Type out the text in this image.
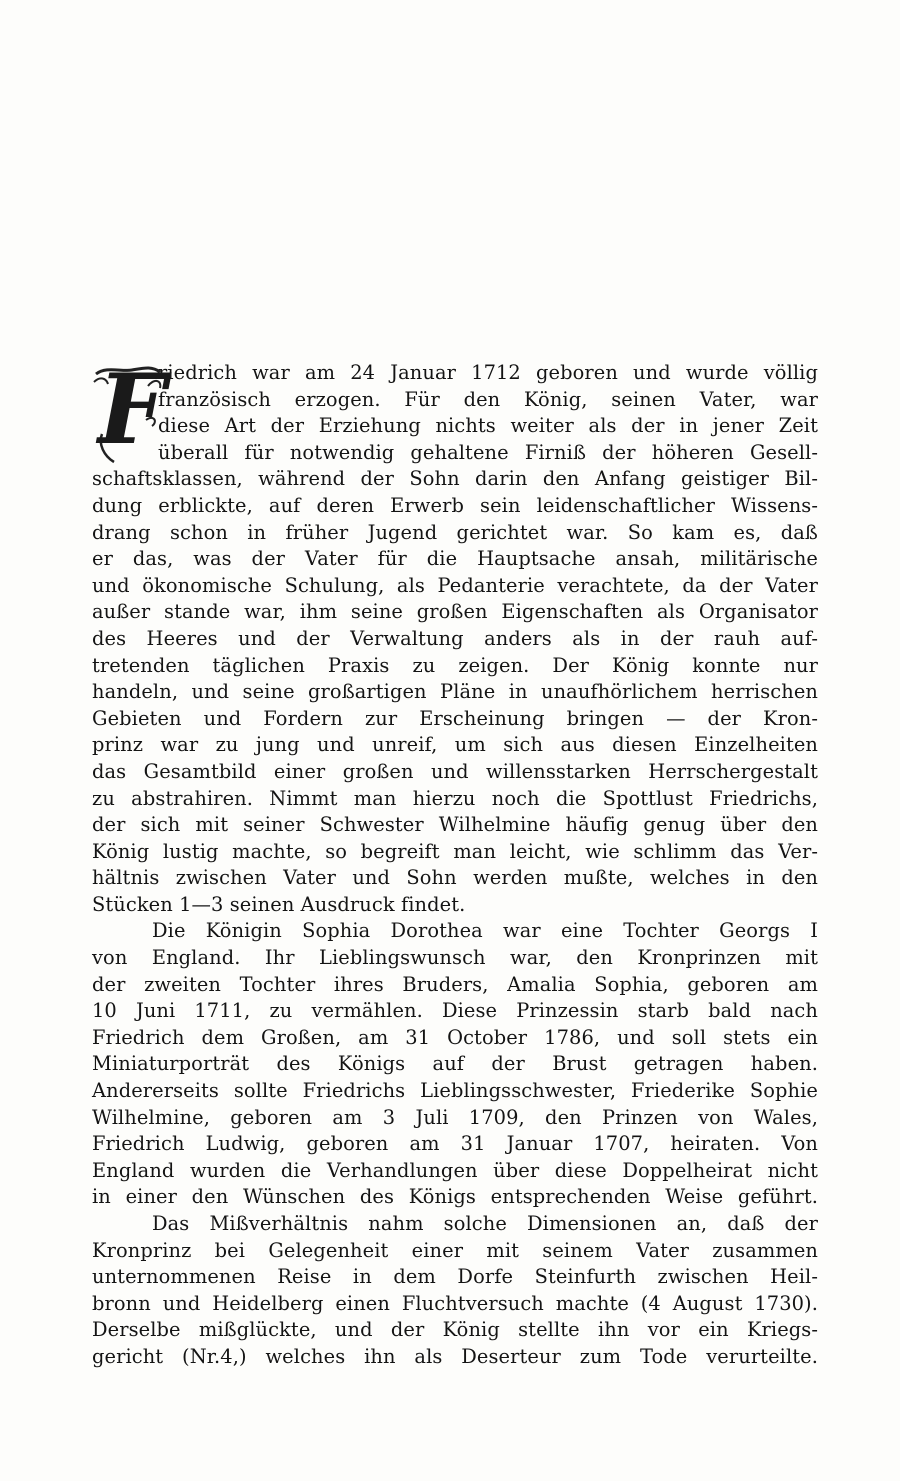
F
riedrich war am 24 Januar 1712 geboren und wurde völlig
französisch erzogen. Für den König, seinen Vater, war
diese Art der Erziehung nichts weiter als der in jener Zeit
überall für notwendig gehaltene Firniß der höheren Gesell-
schaftsklassen, während der Sohn darin den Anfang geistiger Bil-
dung erblickte, auf deren Erwerb sein leidenschaftlicher Wissens-
drang schon in früher Jugend gerichtet war. So kam es, daß
er das, was der Vater für die Hauptsache ansah, militärische
und ökonomische Schulung, als Pedanterie verachtete, da der Vater
außer stande war, ihm seine großen Eigenschaften als Organisator
des Heeres und der Verwaltung anders als in der rauh auf-
tretenden täglichen Praxis zu zeigen. Der König konnte nur
handeln, und seine großartigen Pläne in unaufhörlichem herrischen
Gebieten und Fordern zur Erscheinung bringen — der Kron-
prinz war zu jung und unreif, um sich aus diesen Einzelheiten
das Gesamtbild einer großen und willensstarken Herrschergestalt
zu abstrahiren. Nimmt man hierzu noch die Spottlust Friedrichs,
der sich mit seiner Schwester Wilhelmine häufig genug über den
König lustig machte, so begreift man leicht, wie schlimm das Ver-
hältnis zwischen Vater und Sohn werden mußte, welches in den
Stücken 1—3 seinen Ausdruck findet.
Die Königin Sophia Dorothea war eine Tochter Georgs I
von England. Ihr Lieblingswunsch war, den Kronprinzen mit
der zweiten Tochter ihres Bruders, Amalia Sophia, geboren am
10 Juni 1711, zu vermählen. Diese Prinzessin starb bald nach
Friedrich dem Großen, am 31 October 1786, und soll stets ein
Miniaturporträt des Königs auf der Brust getragen haben.
Andererseits sollte Friedrichs Lieblingsschwester, Friederike Sophie
Wilhelmine, geboren am 3 Juli 1709, den Prinzen von Wales,
Friedrich Ludwig, geboren am 31 Januar 1707, heiraten. Von
England wurden die Verhandlungen über diese Doppelheirat nicht
in einer den Wünschen des Königs entsprechenden Weise geführt.
Das Mißverhältnis nahm solche Dimensionen an, daß der
Kronprinz bei Gelegenheit einer mit seinem Vater zusammen
unternommenen Reise in dem Dorfe Steinfurth zwischen Heil-
bronn und Heidelberg einen Fluchtversuch machte (4 August 1730).
Derselbe mißglückte, und der König stellte ihn vor ein Kriegs-
gericht (Nr.4,) welches ihn als Deserteur zum Tode verurteilte.
